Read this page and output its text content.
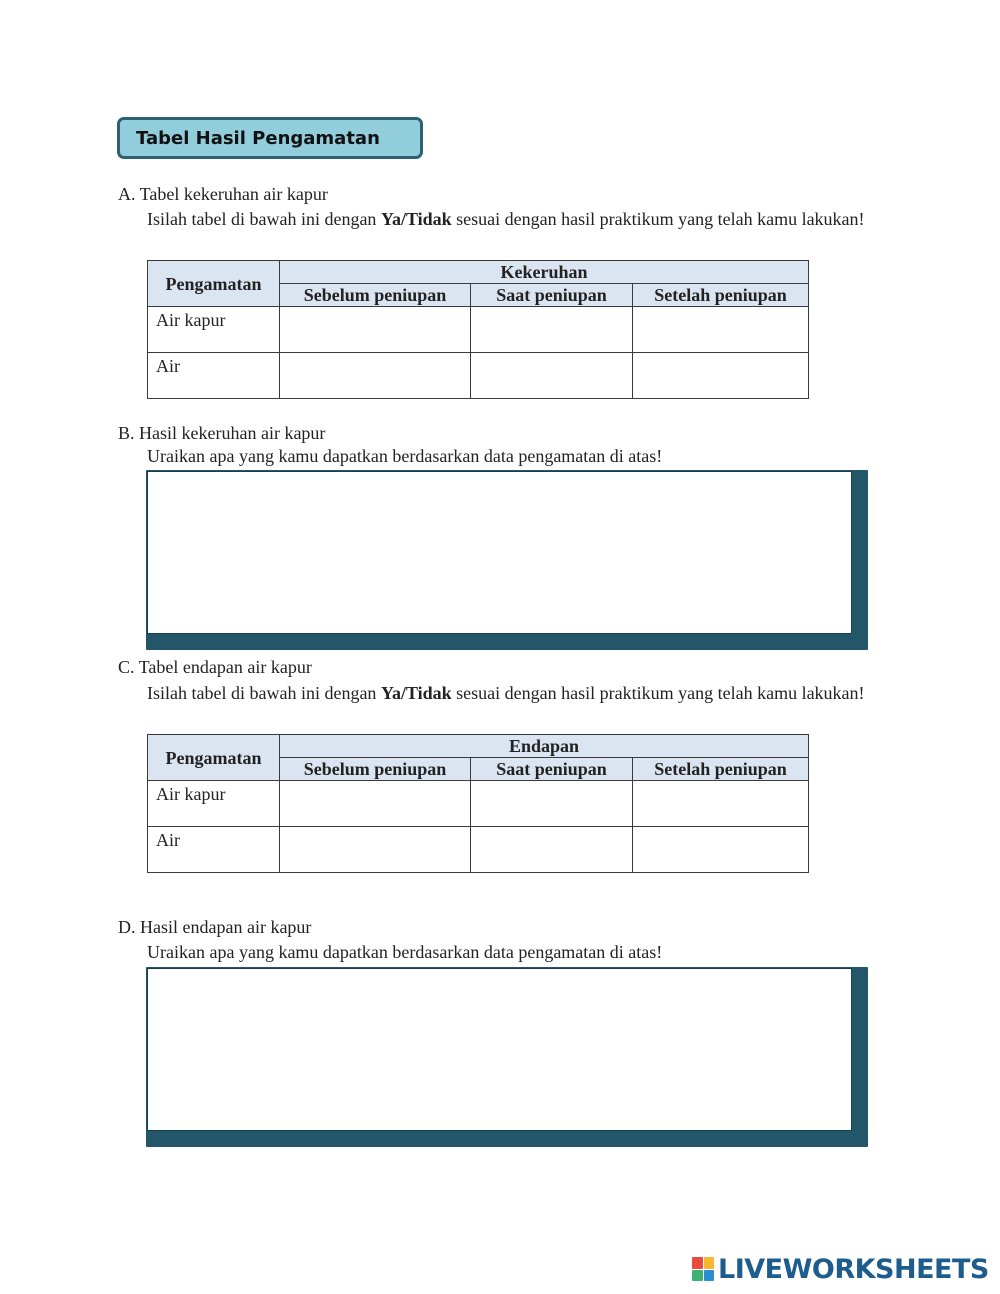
Tabel Hasil Pengamatan

A. Tabel kekeruhan air kapur

Isilah tabel di bawah ini dengan Ya/Tidak sesuai dengan hasil praktikum yang telah kamu lakukan!

Pengamatan	Kekeruhan		
	Sebelum peniupan	Saat peniupan	Setelah peniupan
Air kapur			
Air			

B. Hasil kekeruhan air kapur

Uraikan apa yang kamu dapatkan berdasarkan data pengamatan di atas!

C. Tabel endapan air kapur

Isilah tabel di bawah ini dengan Ya/Tidak sesuai dengan hasil praktikum yang telah kamu lakukan!

Pengamatan	Endapan		
	Sebelum peniupan	Saat peniupan	Setelah peniupan
Air kapur			
Air			

D. Hasil endapan air kapur

Uraikan apa yang kamu dapatkan berdasarkan data pengamatan di atas!

LIVEWORKSHEETS
